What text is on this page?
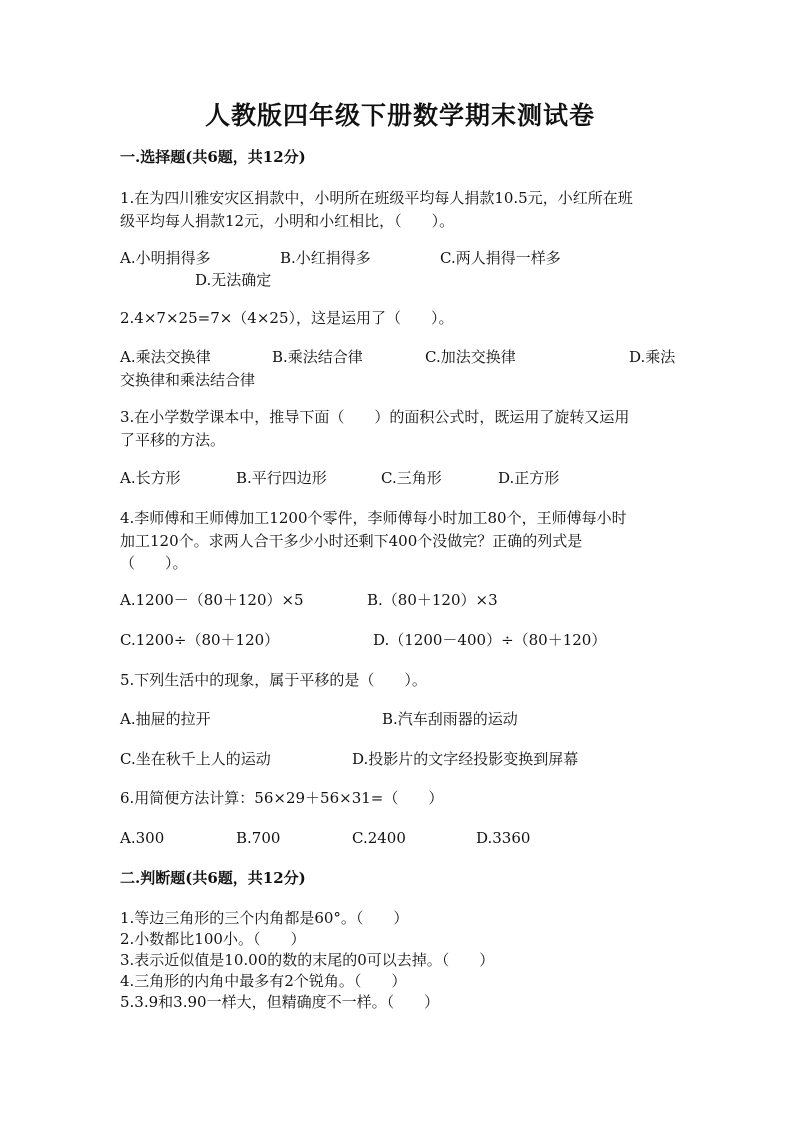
人教版四年级下册数学期末测试卷
一.选择题(共6题，共12分)
1.在为四川雅安灾区捐款中，小明所在班级平均每人捐款10.5元，小红所在班
级平均每人捐款12元，小明和小红相比，（　　）。
A.小明捐得多	B.小红捐得多	C.两人捐得一样多
D.无法确定
2.4×7×25=7×（4×25），这是运用了（　　）。
A.乘法交换律	B.乘法结合律	C.加法交换律	D.乘法
交换律和乘法结合律
3.在小学数学课本中，推导下面（　　）的面积公式时，既运用了旋转又运用
了平移的方法。
A.长方形	B.平行四边形	C.三角形	D.正方形
4.李师傅和王师傅加工1200个零件，李师傅每小时加工80个，王师傅每小时
加工120个。求两人合干多少小时还剩下400个没做完？正确的列式是
（　　）。
A.1200－（80＋120）×5	B.（80＋120）×3
C.1200÷（80＋120）	D.（1200－400）÷（80＋120）
5.下列生活中的现象，属于平移的是（　　）。
A.抽屉的拉开	B.汽车刮雨器的运动
C.坐在秋千上人的运动	D.投影片的文字经投影变换到屏幕
6.用简便方法计算：56×29＋56×31=（　　）
A.300	B.700	C.2400	D.3360
二.判断题(共6题，共12分)
1.等边三角形的三个内角都是60°。（　　）
2.小数都比100小。（　　）
3.表示近似值是10.00的数的末尾的0可以去掉。（　　）
4.三角形的内角中最多有2个锐角。（　　）
5.3.9和3.90一样大，但精确度不一样。（　　）
